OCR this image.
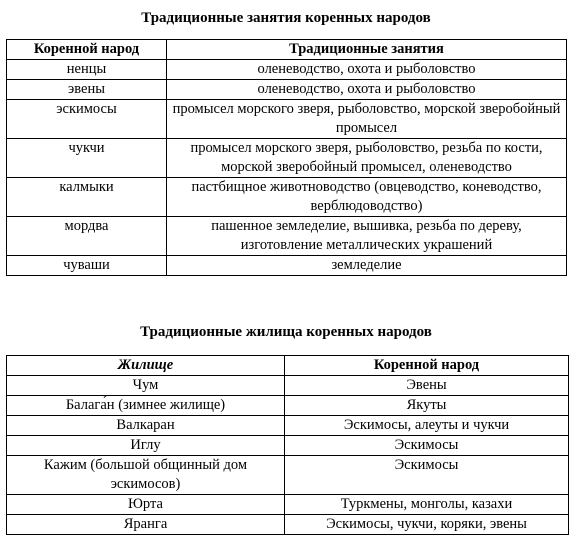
Традиционные занятия коренных народов
Коренной народ	Традиционные занятия
ненцы	оленеводство, охота и рыболовство
эвены	оленеводство, охота и рыболовство
эскимосы	промысел морского зверя, рыболовство, морской зверобойный промысел
чукчи	промысел морского зверя, рыболовство, резьба по кости, морской зверобойный промысел, оленеводство
калмыки	пастбищное животноводство (овцеводство, коневодство, верблюдоводство)
мордва	пашенное земледелие, вышивка, резьба по дереву, изготовление металлических украшений
чуваши	земледелие
Традиционные жилища коренных народов
Жилище	Коренной народ
Чум	Эвены
Балага́н (зимнее жилище)	Якуты
Валкаран	Эскимосы, алеуты и чукчи
Иглу	Эскимосы
Кажим (большой общинный дом эскимосов)	Эскимосы
Юрта	Туркмены, монголы, казахи
Яранга	Эскимосы, чукчи, коряки, эвены
